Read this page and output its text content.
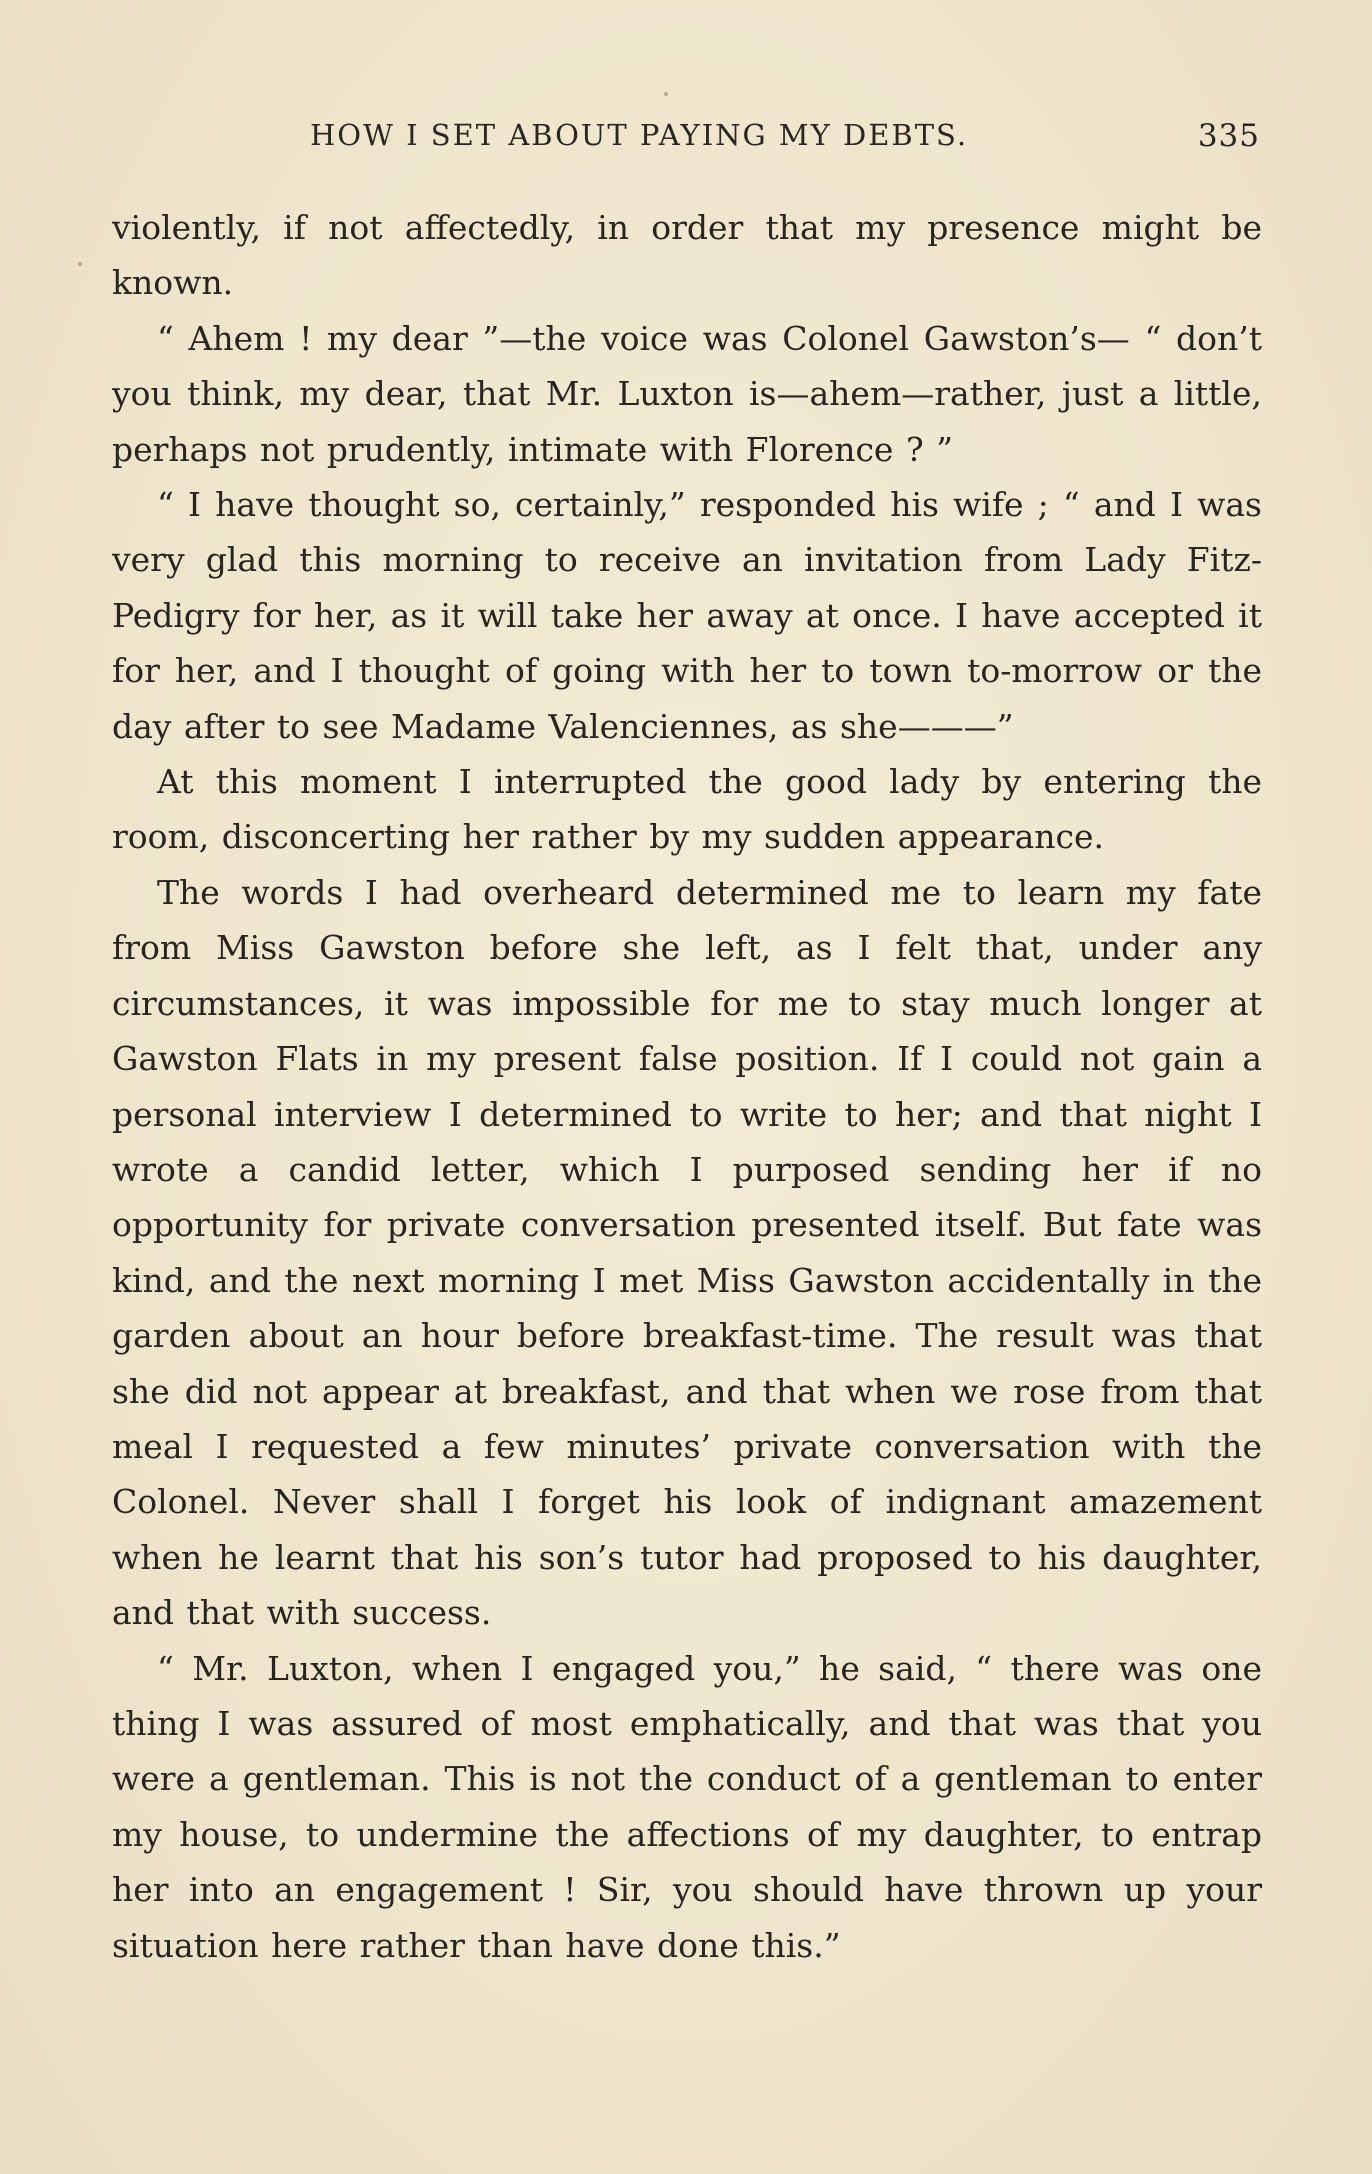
HOW I SET ABOUT PAYING MY DEBTS.	335

violently, if not affectedly, in order that my presence might be known.

“ Ahem ! my dear ”—the voice was Colonel Gawston’s— “ don’t you think, my dear, that Mr. Luxton is—ahem—rather, just a little, perhaps not prudently, intimate with Florence ? ”

“ I have thought so, certainly,” responded his wife ; “ and I was very glad this morning to receive an invitation from Lady Fitz-Pedigry for her, as it will take her away at once. I have accepted it for her, and I thought of going with her to town to-morrow or the day after to see Madame Valenciennes, as she———”

At this moment I interrupted the good lady by entering the room, disconcerting her rather by my sudden appearance.

The words I had overheard determined me to learn my fate from Miss Gawston before she left, as I felt that, under any circumstances, it was impossible for me to stay much longer at Gawston Flats in my present false position. If I could not gain a personal interview I determined to write to her; and that night I wrote a candid letter, which I purposed sending her if no opportunity for private conversation presented itself. But fate was kind, and the next morning I met Miss Gawston accidentally in the garden about an hour before breakfast-time. The result was that she did not appear at breakfast, and that when we rose from that meal I requested a few minutes’ private conversation with the Colonel. Never shall I forget his look of indignant amazement when he learnt that his son’s tutor had proposed to his daughter, and that with success.

“ Mr. Luxton, when I engaged you,” he said, “ there was one thing I was assured of most emphatically, and that was that you were a gentleman. This is not the conduct of a gentleman to enter my house, to undermine the affections of my daughter, to entrap her into an engagement ! Sir, you should have thrown up your situation here rather than have done this.”
